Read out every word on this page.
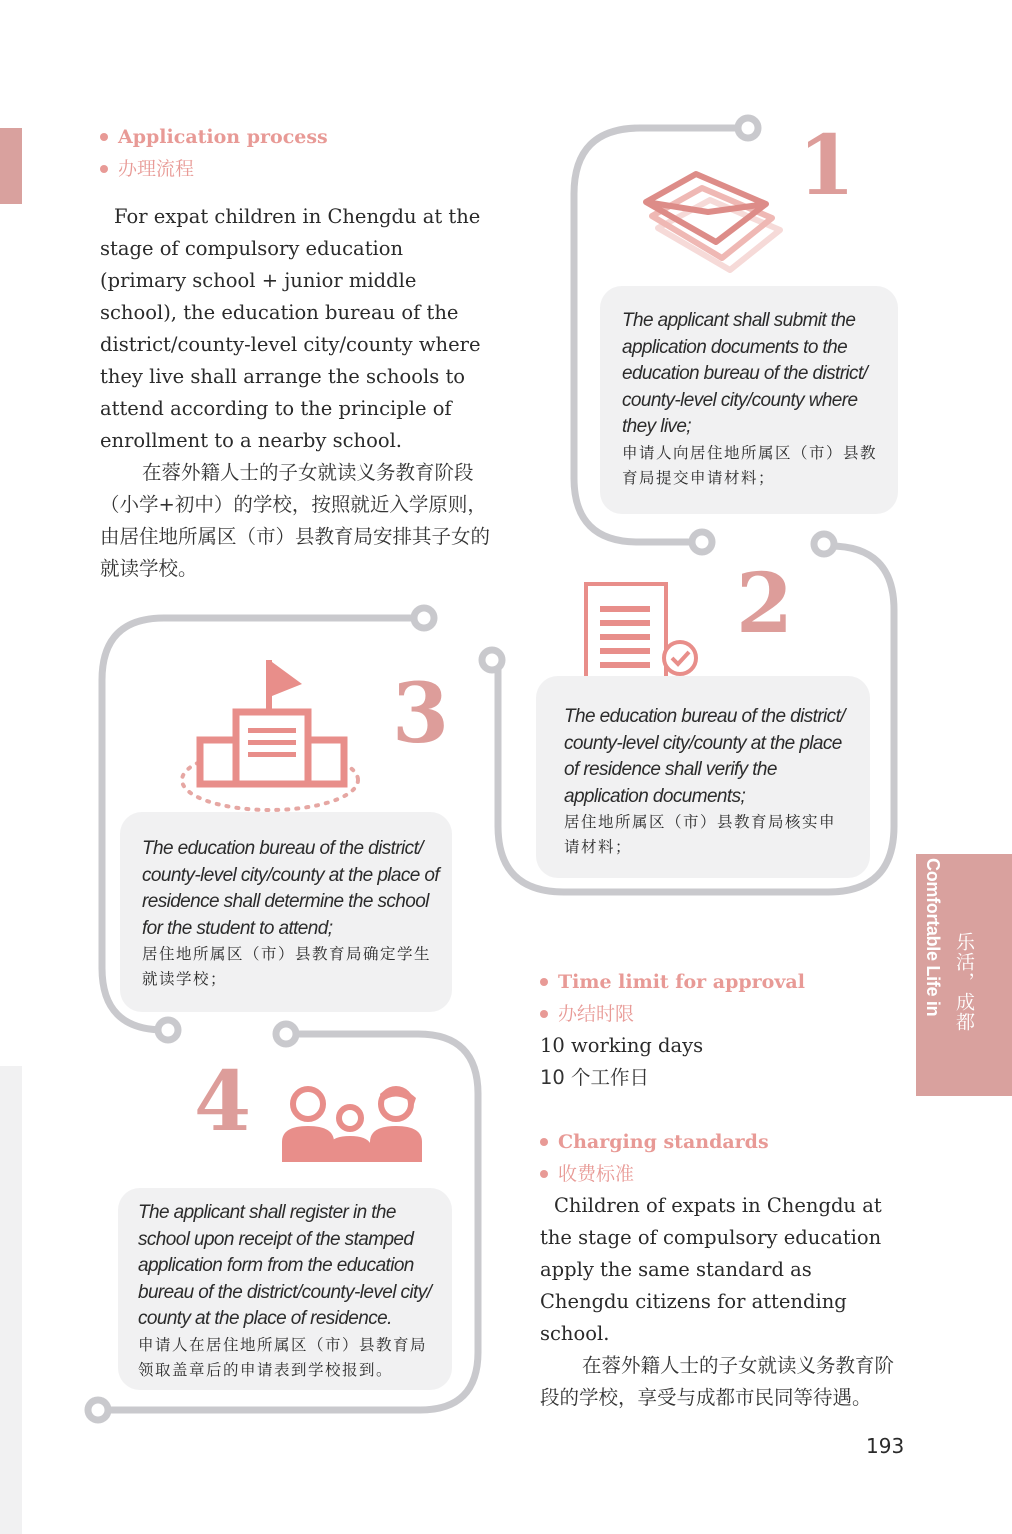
Application process
办理流程
For expat children in Chengdu at the stage of compulsory education (primary school + junior middle school), the education bureau of the district/county-level city/county where they live shall arrange the schools to attend according to the principle of enrollment to a nearby school.
在蓉外籍人士的子女就读义务教育阶段（小学+初中）的学校，按照就近入学原则，由居住地所属区（市）县教育局安排其子女的就读学校。
1
The applicant shall submit the application documents to the education bureau of the district/ county-level city/county where they live;
申请人向居住地所属区（市）县教育局提交申请材料；
2
The education bureau of the district/ county-level city/county at the place of residence shall verify the application documents;
居住地所属区（市）县教育局核实申请材料；
3
The education bureau of the district/ county-level city/county at the place of residence shall determine the school for the student to attend;
居住地所属区（市）县教育局确定学生就读学校；
4
The applicant shall register in the school upon receipt of the stamped application form from the education bureau of the district/county-level city/ county at the place of residence.
申请人在居住地所属区（市）县教育局领取盖章后的申请表到学校报到。
Time limit for approval
办结时限
10 working days
10 个工作日
Charging standards
收费标准
Children of expats in Chengdu at the stage of compulsory education apply the same standard as Chengdu citizens for attending school.
在蓉外籍人士的子女就读义务教育阶段的学校，享受与成都市民同等待遇。
Comfortable Life in Chengdu
乐活，成都
193
